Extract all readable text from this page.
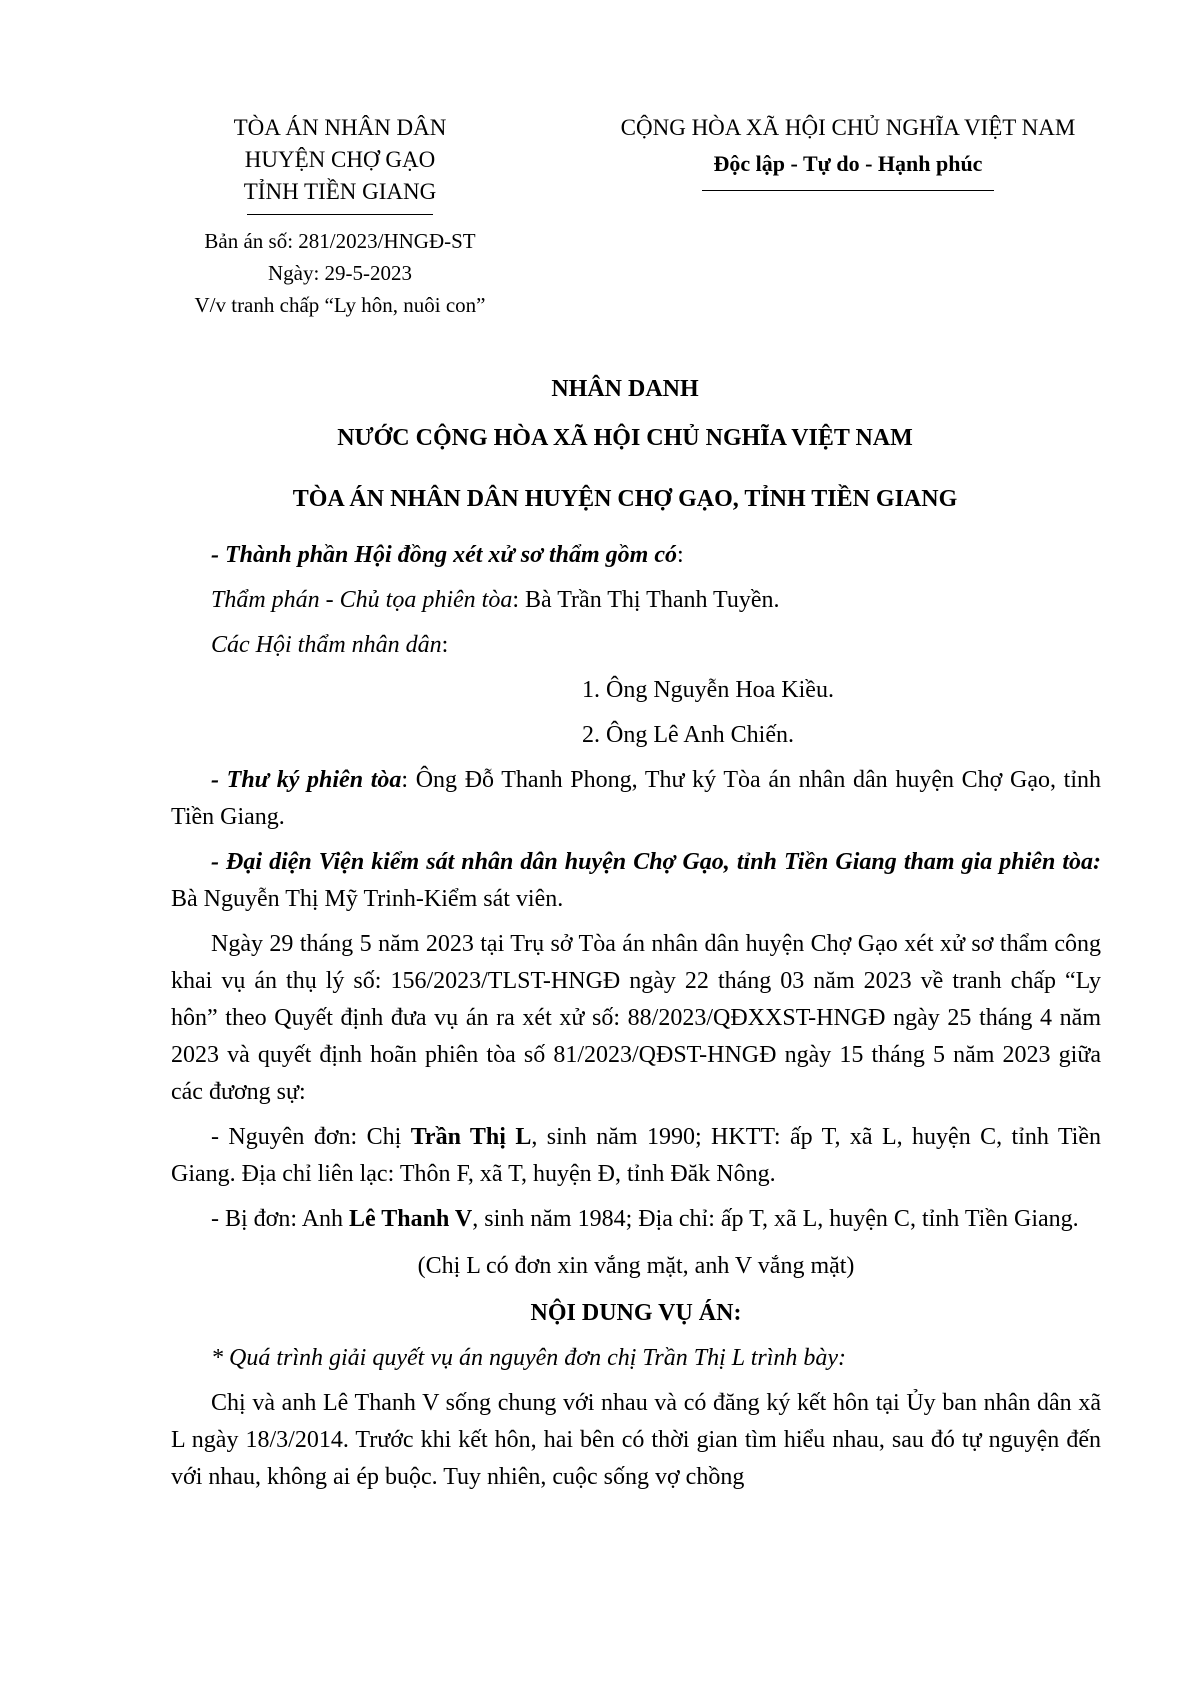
TÒA ÁN NHÂN DÂN
HUYỆN CHỢ GẠO
TỈNH TIỀN GIANG
Bản án số: 281/2023/HNGĐ-ST
Ngày: 29-5-2023
V/v tranh chấp “Ly hôn, nuôi con”
CỘNG HÒA XÃ HỘI CHỦ NGHĨA VIỆT NAM
Độc lập - Tự do - Hạnh phúc
NHÂN DANH
NƯỚC CỘNG HÒA XÃ HỘI CHỦ NGHĨA VIỆT NAM
TÒA ÁN NHÂN DÂN HUYỆN CHỢ GẠO, TỈNH TIỀN GIANG

- Thành phần Hội đồng xét xử sơ thẩm gồm có:

Thẩm phán - Chủ tọa phiên tòa: Bà Trần Thị Thanh Tuyền.

Các Hội thẩm nhân dân:

1. Ông Nguyễn Hoa Kiều.

2. Ông Lê Anh Chiến.

- Thư ký phiên tòa: Ông Đỗ Thanh Phong, Thư ký Tòa án nhân dân huyện Chợ Gạo, tỉnh Tiền Giang.

- Đại diện Viện kiểm sát nhân dân huyện Chợ Gạo, tỉnh Tiền Giang tham gia phiên tòa: Bà Nguyễn Thị Mỹ Trinh-Kiểm sát viên.

Ngày 29 tháng 5 năm 2023 tại Trụ sở Tòa án nhân dân huyện Chợ Gạo xét xử sơ thẩm công khai vụ án thụ lý số: 156/2023/TLST-HNGĐ ngày 22 tháng 03 năm 2023 về tranh chấp “Ly hôn” theo Quyết định đưa vụ án ra xét xử số: 88/2023/QĐXXST-HNGĐ ngày 25 tháng 4 năm 2023 và quyết định hoãn phiên tòa số 81/2023/QĐST-HNGĐ ngày 15 tháng 5 năm 2023 giữa các đương sự:

- Nguyên đơn: Chị Trần Thị L, sinh năm 1990; HKTT: ấp T, xã L, huyện C, tỉnh Tiền Giang. Địa chỉ liên lạc: Thôn F, xã T, huyện Đ, tỉnh Đăk Nông.

- Bị đơn: Anh Lê Thanh V, sinh năm 1984; Địa chỉ: ấp T, xã L, huyện C, tỉnh Tiền Giang.

(Chị L có đơn xin vắng mặt, anh V vắng mặt)

NỘI DUNG VỤ ÁN:

* Quá trình giải quyết vụ án nguyên đơn chị Trần Thị L trình bày:

Chị và anh Lê Thanh V sống chung với nhau và có đăng ký kết hôn tại Ủy ban nhân dân xã L ngày 18/3/2014. Trước khi kết hôn, hai bên có thời gian tìm hiểu nhau, sau đó tự nguyện đến với nhau, không ai ép buộc. Tuy nhiên, cuộc sống vợ chồng
